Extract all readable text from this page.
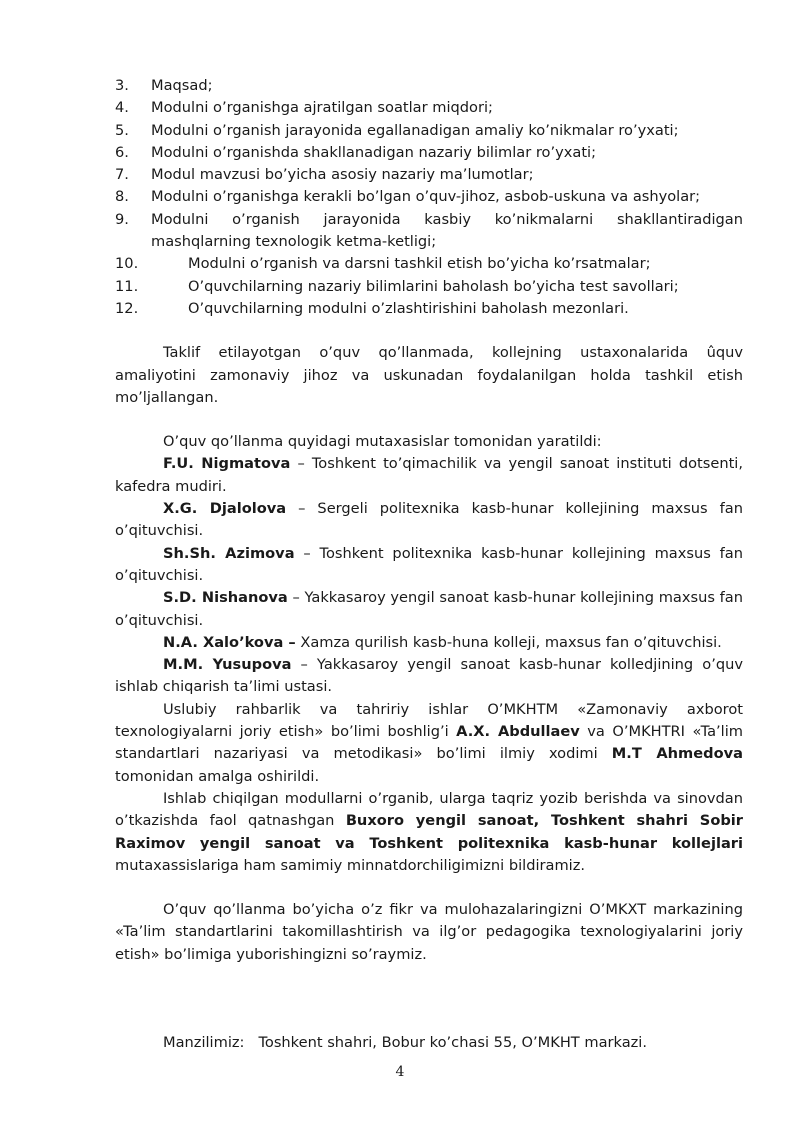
3.	Maqsad;
4.	Modulni o’rganishga ajratilgan soatlar miqdori;
5.	Modulni o’rganish jarayonida egallanadigan amaliy ko’nikmalar ro’yxati;
6.	Modulni o’rganishda shakllanadigan nazariy bilimlar ro’yxati;
7.	Modul mavzusi bo’yicha asosiy nazariy ma’lumotlar;
8.	Modulni o’rganishga kerakli bo’lgan o’quv-jihoz, asbob-uskuna va ashyolar;
9.	Modulni o’rganish jarayonida kasbiy ko’nikmalarni shakllantiradigan mashqlarning texnologik ketma-ketligi;
10.	Modulni o’rganish va darsni tashkil etish bo’yicha ko’rsatmalar;
11.	O’quvchilarning nazariy bilimlarini baholash bo’yicha test savollari;
12.	O’quvchilarning modulni o’zlashtirishini baholash mezonlari.

Taklif etilayotgan o’quv qo’llanmada, kollejning ustaxonalarida ûquv amaliyotini zamonaviy jihoz va uskunadan foydalanilgan holda tashkil etish mo’ljallangan.

O’quv qo’llanma quyidagi mutaxasislar tomonidan yaratildi:

F.U. Nigmatova – Toshkent to’qimachilik va yengil sanoat instituti dotsenti, kafedra mudiri.

X.G. Djalolova – Sergeli politexnika kasb-hunar kollejining maxsus fan o’qituvchisi.

Sh.Sh. Azimova – Toshkent politexnika kasb-hunar kollejining maxsus fan o’qituvchisi.

S.D. Nishanova – Yakkasaroy yengil sanoat kasb-hunar kollejining maxsus fan o’qituvchisi.

N.A. Xalo’kova – Xamza qurilish kasb-huna kolleji, maxsus fan o’qituvchisi.

M.M. Yusupova – Yakkasaroy yengil sanoat kasb-hunar kolledjining o’quv ishlab chiqarish ta’limi ustasi.

Uslubiy rahbarlik va tahririy ishlar O’MKHTM «Zamonaviy axborot texnologiyalarni joriy etish» bo’limi boshlig’i A.X. Abdullaev va O’MKHTRI «Ta’lim standartlari nazariyasi va metodikasi» bo’limi ilmiy xodimi M.T Ahmedova tomonidan amalga oshirildi.

Ishlab chiqilgan modullarni o’rganib, ularga taqriz yozib berishda va sinovdan o’tkazishda faol qatnashgan Buxoro yengil sanoat, Toshkent shahri Sobir Raximov yengil sanoat va Toshkent politexnika kasb-hunar kollejlari mutaxassislariga ham samimiy minnatdorchiligimizni bildiramiz.

O’quv qo’llanma bo’yicha o’z fikr va mulohazalaringizni O’MKXT markazining «Ta’lim standartlarini takomillashtirish va ilg’or pedagogika texnologiyalarini joriy etish» bo’limiga yuborishingizni so’raymiz.

Manzilimiz: Toshkent shahri, Bobur ko’chasi 55, O’MKHT markazi.

4
